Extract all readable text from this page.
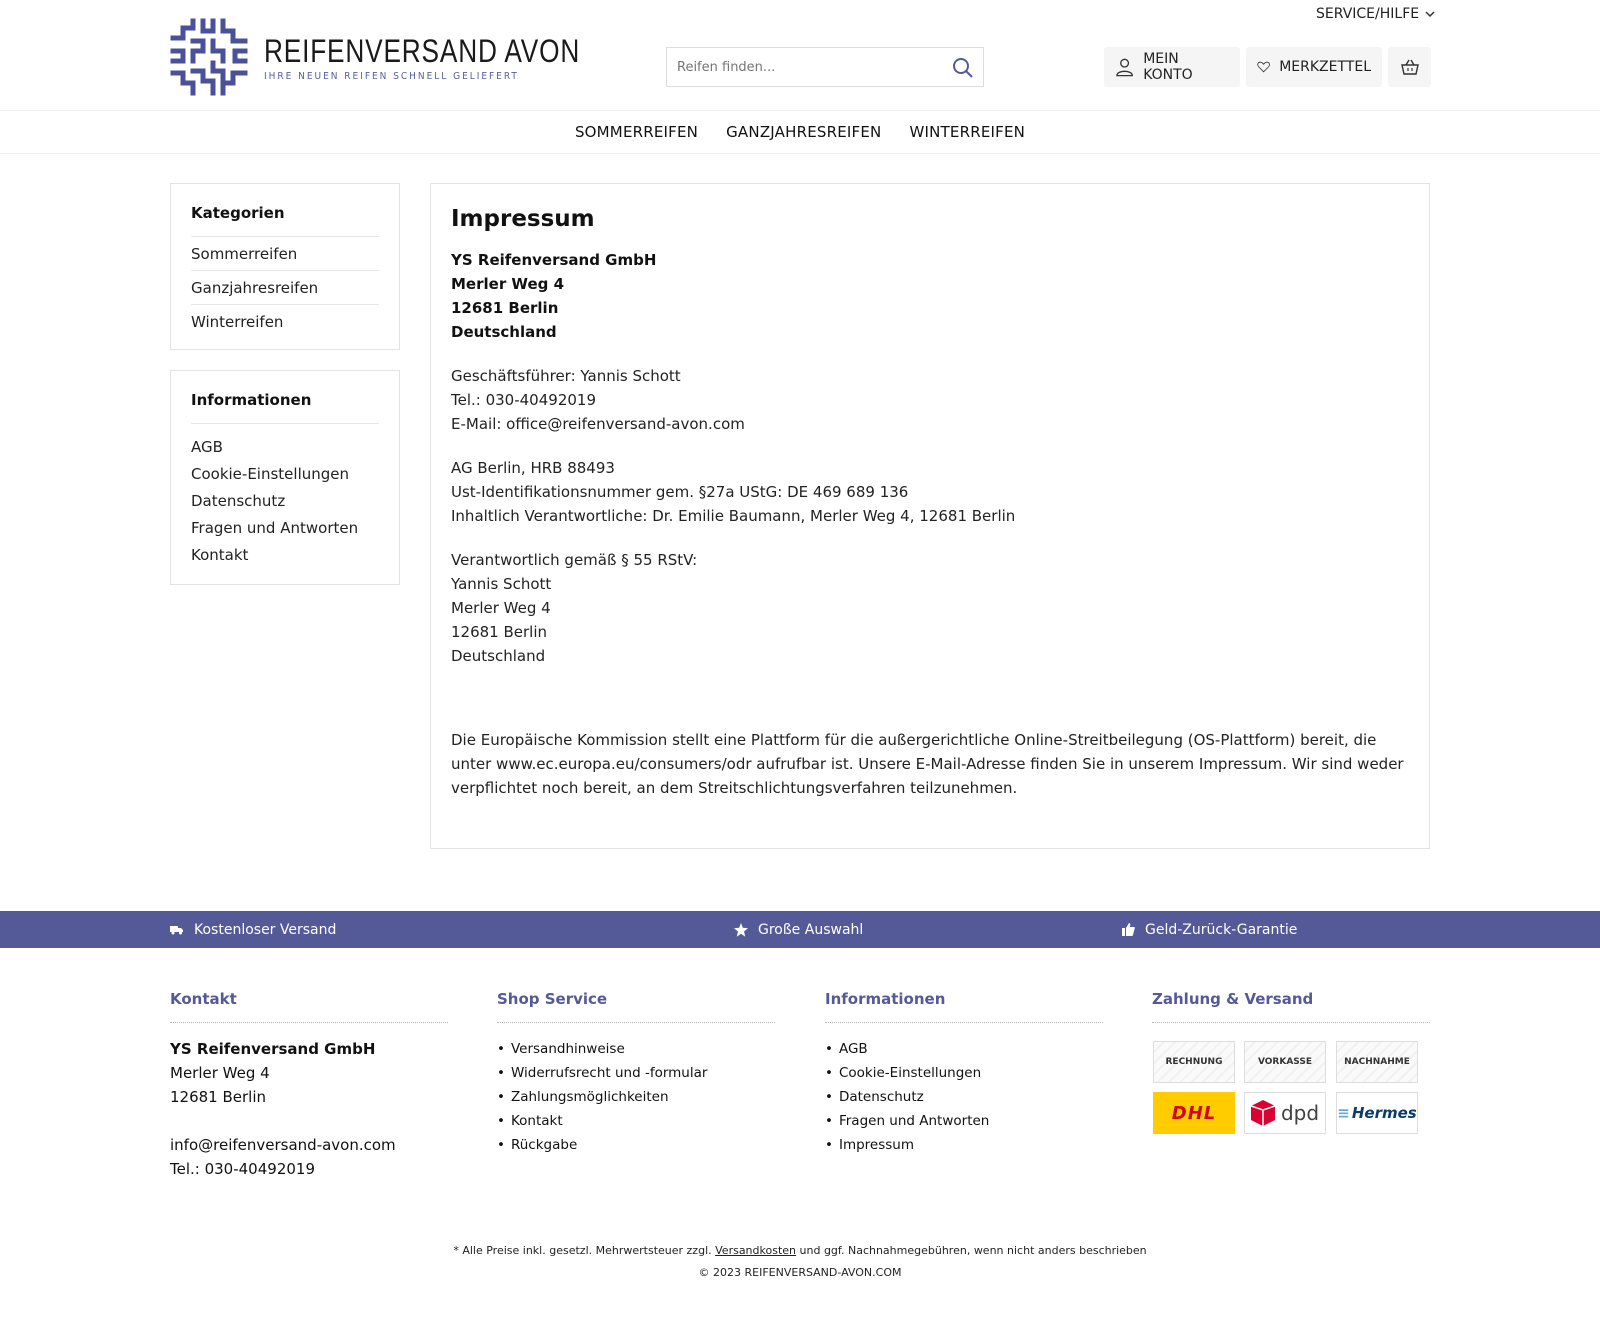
SERVICE/HILFE
REIFENVERSAND AVON
IHRE NEUEN REIFEN SCHNELL GELIEFERT
Reifen finden...
MEIN KONTO	MERKZETTEL
SOMMERREIFEN GANZJAHRESREIFEN WINTERREIFEN
Kategorien
Sommerreifen
Ganzjahresreifen
Winterreifen
Informationen
AGB
Cookie-Einstellungen
Datenschutz
Fragen und Antworten
Kontakt
Impressum

YS Reifenversand GmbH
Merler Weg 4
12681 Berlin
Deutschland

Geschäftsführer: Yannis Schott
Tel.: 030-40492019
E-Mail: office@reifenversand-avon.com

AG Berlin, HRB 88493
Ust-Identifikationsnummer gem. §27a UStG: DE 469 689 136
Inhaltlich Verantwortliche: Dr. Emilie Baumann, Merler Weg 4, 12681 Berlin

Verantwortlich gemäß § 55 RStV:
Yannis Schott
Merler Weg 4
12681 Berlin
Deutschland

Die Europäische Kommission stellt eine Plattform für die außergerichtliche Online-Streitbeilegung (OS-Plattform) bereit, die unter www.ec.europa.eu/consumers/odr aufrufbar ist. Unsere E-Mail-Adresse finden Sie in unserem Impressum. Wir sind weder verpflichtet noch bereit, an dem Streitschlichtungsverfahren teilzunehmen.

Kostenloser Versand	Große Auswahl	Geld-Zurück-Garantie
Kontakt
YS Reifenversand GmbH
Merler Weg 4
12681 Berlin
info@reifenversand-avon.com
Tel.: 030-40492019
Shop Service
• Versandhinweise
• Widerrufsrecht und -formular
• Zahlungsmöglichkeiten
• Kontakt
• Rückgabe
Informationen
• AGB
• Cookie-Einstellungen
• Datenschutz
• Fragen und Antworten
• Impressum
Zahlung & Versand
RECHNUNG	VORKASSE	NACHNAHME
DHL	dpd ≡ Hermes
* Alle Preise inkl. gesetzl. Mehrwertsteuer zzgl. Versandkosten und ggf. Nachnahmegebühren, wenn nicht anders beschrieben
© 2023 REIFENVERSAND-AVON.COM
